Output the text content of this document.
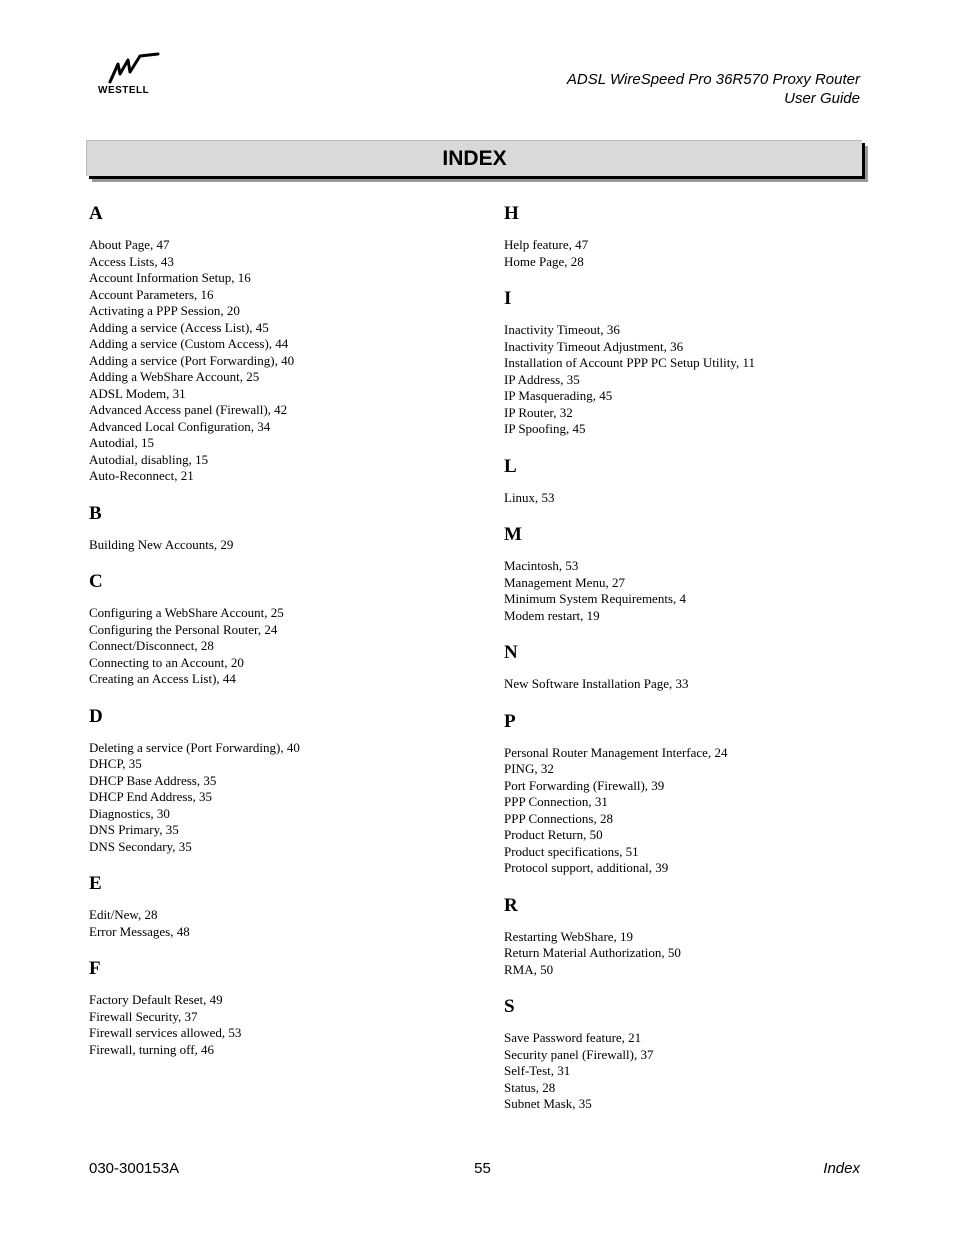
WESTELL
ADSL WireSpeed Pro 36R570 Proxy Router
User Guide
INDEX
A
About Page, 47
Access Lists, 43
Account Information Setup, 16
Account Parameters, 16
Activating a PPP Session, 20
Adding a service (Access List), 45
Adding a service (Custom Access), 44
Adding a service (Port Forwarding), 40
Adding a WebShare Account, 25
ADSL Modem, 31
Advanced Access panel (Firewall), 42
Advanced Local Configuration, 34
Autodial, 15
Autodial, disabling, 15
Auto-Reconnect, 21
B
Building New Accounts, 29
C
Configuring a WebShare Account, 25
Configuring the Personal Router, 24
Connect/Disconnect, 28
Connecting to an Account, 20
Creating an Access List), 44
D
Deleting a service (Port Forwarding), 40
DHCP, 35
DHCP Base Address, 35
DHCP End Address, 35
Diagnostics, 30
DNS Primary, 35
DNS Secondary, 35
E
Edit/New, 28
Error Messages, 48
F
Factory Default Reset, 49
Firewall Security, 37
Firewall services allowed, 53
Firewall, turning off, 46
H
Help feature, 47
Home Page, 28
I
Inactivity Timeout, 36
Inactivity Timeout Adjustment, 36
Installation of Account PPP PC Setup Utility, 11
IP Address, 35
IP Masquerading, 45
IP Router, 32
IP Spoofing, 45
L
Linux, 53
M
Macintosh, 53
Management Menu, 27
Minimum System Requirements, 4
Modem restart, 19
N
New Software Installation Page, 33
P
Personal Router Management Interface, 24
PING, 32
Port Forwarding (Firewall), 39
PPP Connection, 31
PPP Connections, 28
Product Return, 50
Product specifications, 51
Protocol support, additional, 39
R
Restarting WebShare, 19
Return Material Authorization, 50
RMA, 50
S
Save Password feature, 21
Security panel (Firewall), 37
Self-Test, 31
Status, 28
Subnet Mask, 35
030-300153A	55	Index
